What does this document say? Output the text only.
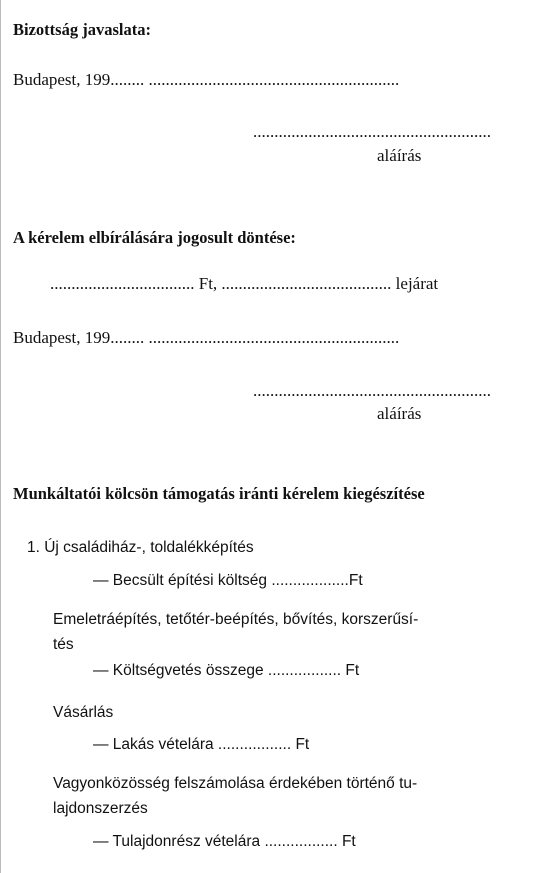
Bizottság javaslata:
Budapest, 199........ ...........................................................
........................................................
aláírás
A kérelem elbírálására jogosult döntése:
.................................. Ft, ........................................ lejárat
Budapest, 199........ ...........................................................
........................................................
aláírás
Munkáltatói kölcsön támogatás iránti kérelem kiegészítése
1. Új családiház-, toldalékképítés
— Becsült építési költség ..................Ft
Emeletráépítés, tetőtér-beépítés, bővítés, korszerűsí-
tés
— Költségvetés összege ................. Ft
Vásárlás
— Lakás vételára ................. Ft
Vagyonközösség felszámolása érdekében történő tu-
lajdonszerzés
— Tulajdonrész vételára ................. Ft
